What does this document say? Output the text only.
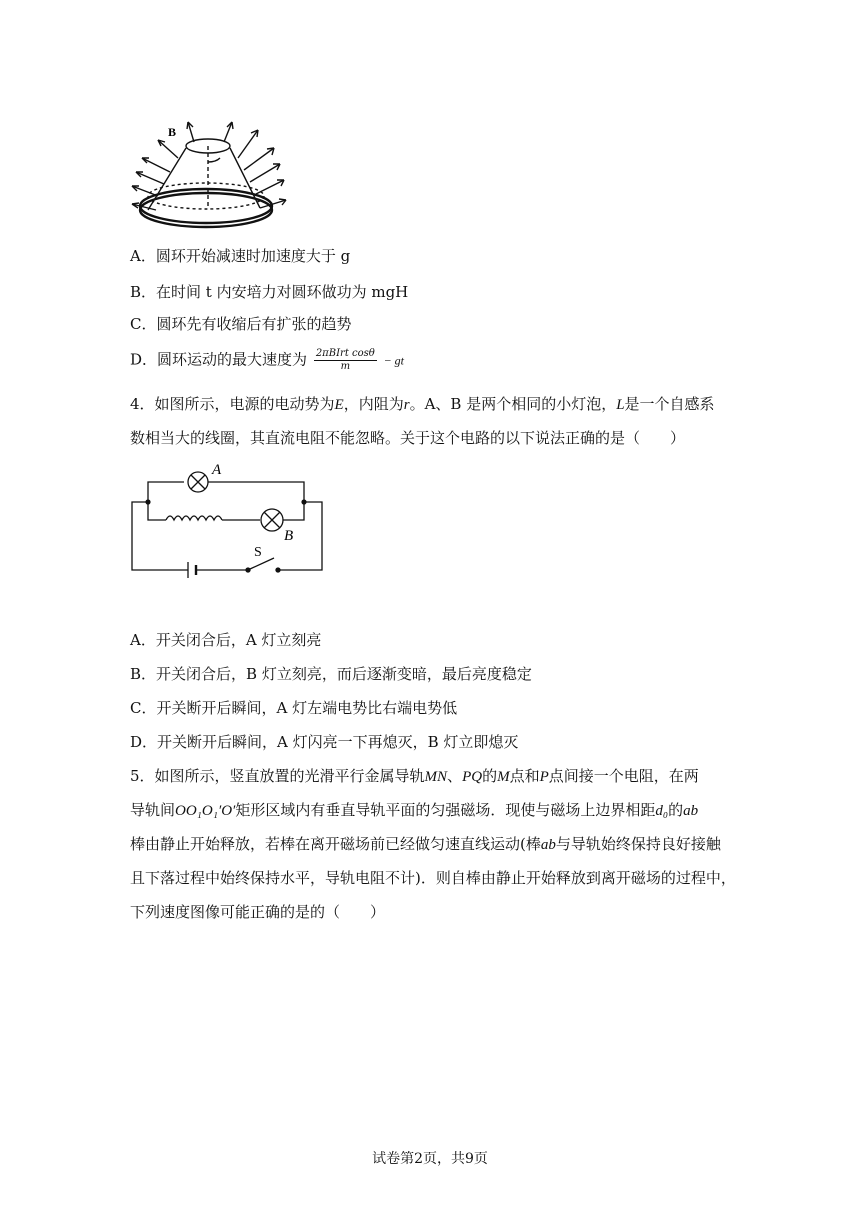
B
A．圆环开始减速时加速度大于 g
B．在时间 t 内安培力对圆环做功为 mgH
C．圆环先有收缩后有扩张的趋势
D．圆环运动的最大速度为 $\frac{\text{2πBIrt cosθ}}{m}$ − gt
4．如图所示，电源的电动势为E，内阻为r。A、B 是两个相同的小灯泡，L是一个自感系
数相当大的线圈，其直流电阻不能忽略。关于这个电路的以下说法正确的是（　　）
A
B
S
A．开关闭合后，A 灯立刻亮
B．开关闭合后，B 灯立刻亮，而后逐渐变暗，最后亮度稳定
C．开关断开后瞬间，A 灯左端电势比右端电势低
D．开关断开后瞬间，A 灯闪亮一下再熄灭，B 灯立即熄灭
5．如图所示，竖直放置的光滑平行金属导轨MN、PQ的M点和P点间接一个电阻，在两
导轨间OO₁O₁′O′矩形区域内有垂直导轨平面的匀强磁场．现使与磁场上边界相距d₀的ab
棒由静止开始释放，若棒在离开磁场前已经做匀速直线运动(棒ab与导轨始终保持良好接触
且下落过程中始终保持水平，导轨电阻不计)．则自棒由静止开始释放到离开磁场的过程中，
下列速度图像可能正确的是的（　　）
试卷第2页，共9页
